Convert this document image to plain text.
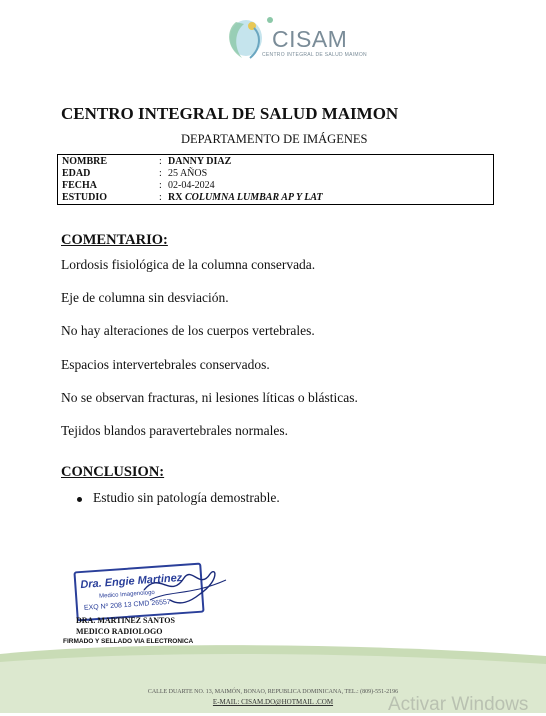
CISAM
CENTRO INTEGRAL DE SALUD MAIMON
CENTRO INTEGRAL DE SALUD MAIMON
DEPARTAMENTO DE IMÁGENES
NOMBRE	: DANNY DIAZ
EDAD	: 25 AÑOS
FECHA	: 02-04-2024
ESTUDIO	: RX COLUMNA LUMBAR AP Y LAT
COMENTARIO:
Lordosis fisiológica de la columna conservada.
Eje de columna sin desviación.
No hay alteraciones de los cuerpos vertebrales.
Espacios intervertebrales conservados.
No se observan fracturas, ni lesiones líticas o blásticas.
Tejidos blandos paravertebrales normales.
CONCLUSION:
Estudio sin patología demostrable.
Dra. Engie Martinez
Medico Imagenologo
EXQ Nº 208 13 CMD 26557
DRA. MARTINEZ SANTOS
MEDICO RADIOLOGO
FIRMADO Y SELLADO VIA ELECTRONICA
CALLE DUARTE NO. 13, MAIMÓN, BONAO, REPUBLICA DOMINICANA, TEL.: (809)-551-2196
E-MAIL: CISAM.DO@HOTMAIL .COM	Activar Windows
